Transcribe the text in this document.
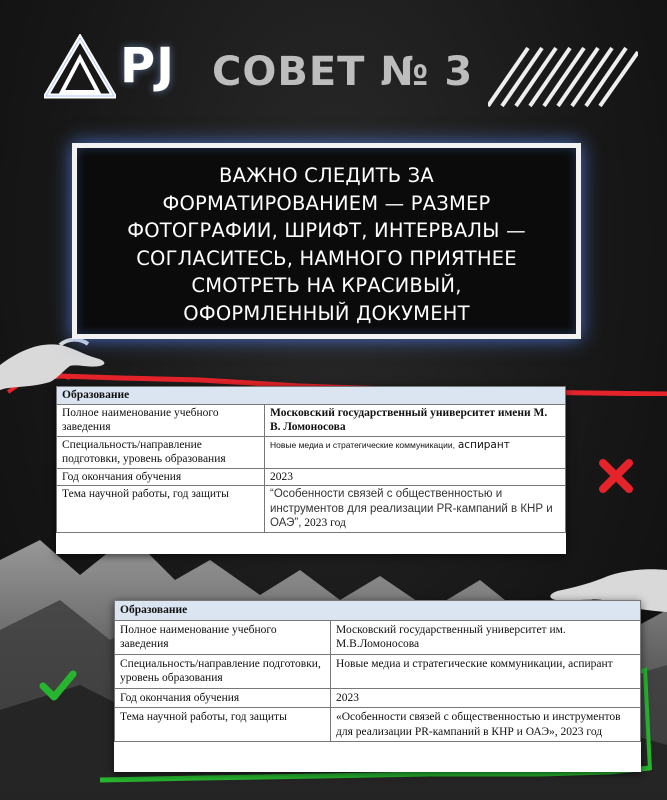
PJ СОВЕТ № 3
ВАЖНО СЛЕДИТЬ ЗА
ФОРМАТИРОВАНИЕМ — РАЗМЕР
ФОТОГРАФИИ, ШРИФТ, ИНТЕРВАЛЫ —
СОГЛАСИТЕСЬ, НАМНОГО ПРИЯТНЕЕ
СМОТРЕТЬ НА КРАСИВЫЙ,
ОФОРМЛЕННЫЙ ДОКУМЕНТ
Образование	
Полное наименование учебного заведения	Московский государственный университет имени М. В. Ломоносова
Специальность/направление подготовки, уровень образования	Новые медиа и стратегические коммуникации, аспирант
Год окончания обучения	2023
Тема научной работы, год защиты	“Особенности связей с общественностью и инструментов для реализации PR-кампаний в КНР и ОАЭ”, 2023 год
Образование	
Полное наименование учебного заведения	Московский государственный университет им. М.В.Ломоносова
Специальность/направление подготовки, уровень образования	Новые медиа и стратегические коммуникации, аспирант
Год окончания обучения	2023
Тема научной работы, год защиты	«Особенности связей с общественностью и инструментов для реализации PR-кампаний в КНР и ОАЭ», 2023 год
